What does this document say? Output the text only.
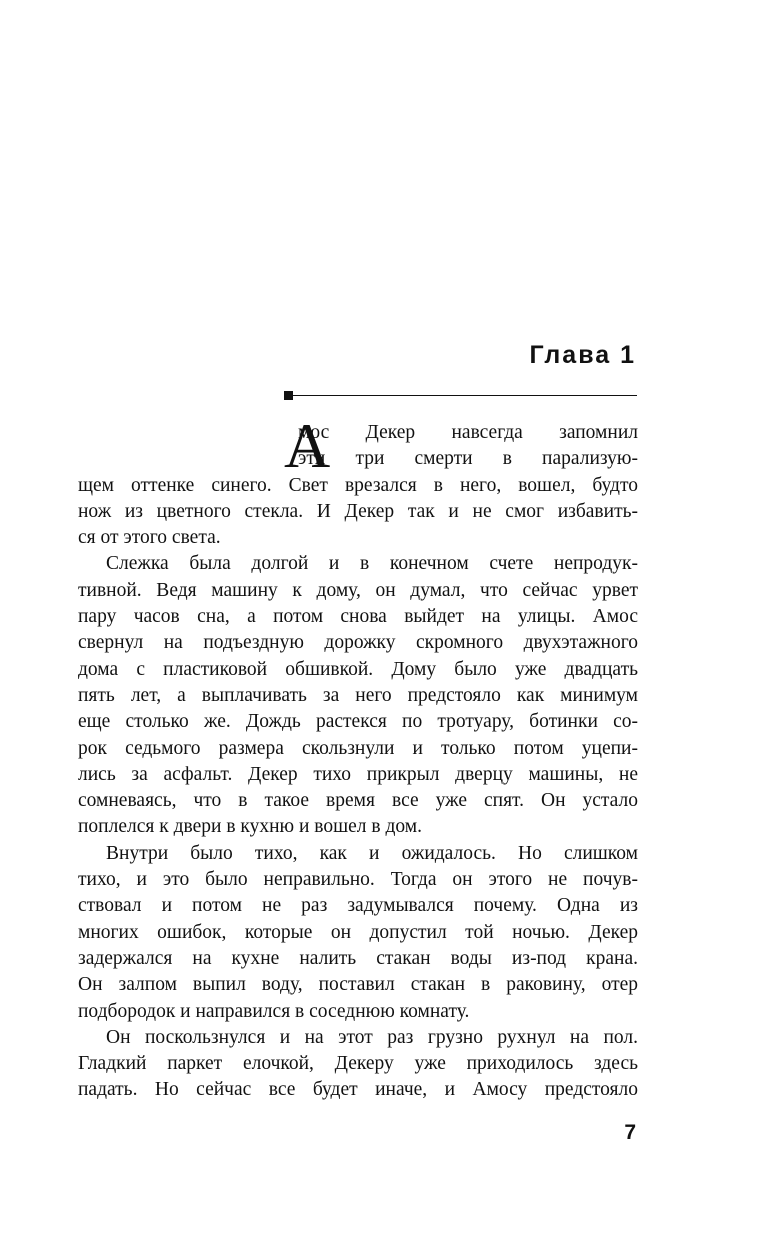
Глава 1
А
мос Декер навсегда запомнил
эти три смерти в парализую-
щем оттенке синего. Свет врезался в него, вошел, будто
нож из цветного стекла. И Декер так и не смог избавить-
ся от этого света.
Слежка была долгой и в конечном счете непродук-
тивной. Ведя машину к дому, он думал, что сейчас урвет
пару часов сна, а потом снова выйдет на улицы. Амос
свернул на подъездную дорожку скромного двухэтажного
дома с пластиковой обшивкой. Дому было уже двадцать
пять лет, а выплачивать за него предстояло как минимум
еще столько же. Дождь растекся по тротуару, ботинки со-
рок седьмого размера скользнули и только потом уцепи-
лись за асфальт. Декер тихо прикрыл дверцу машины, не
сомневаясь, что в такое время все уже спят. Он устало
поплелся к двери в кухню и вошел в дом.
Внутри было тихо, как и ожидалось. Но слишком
тихо, и это было неправильно. Тогда он этого не почув-
ствовал и потом не раз задумывался почему. Одна из
многих ошибок, которые он допустил той ночью. Декер
задержался на кухне налить стакан воды из-под крана.
Он залпом выпил воду, поставил стакан в раковину, отер
подбородок и направился в соседнюю комнату.
Он поскользнулся и на этот раз грузно рухнул на пол.
Гладкий паркет елочкой, Декеру уже приходилось здесь
падать. Но сейчас все будет иначе, и Амосу предстояло
7
